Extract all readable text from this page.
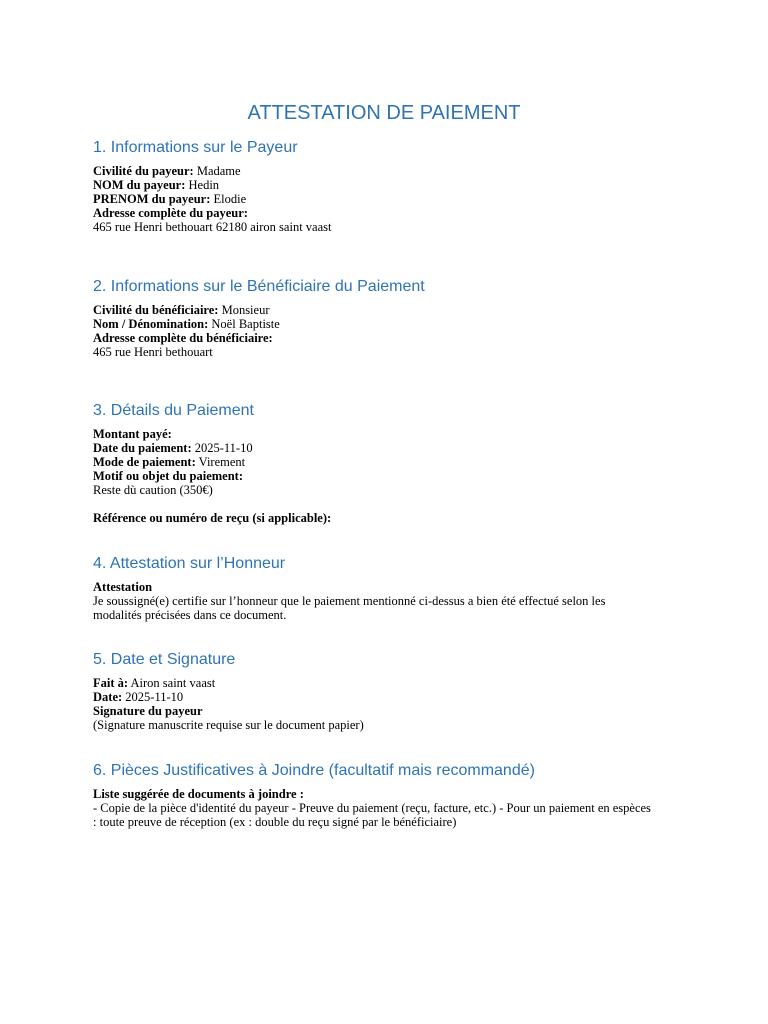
ATTESTATION DE PAIEMENT
1. Informations sur le Payeur

Civilité du payeur: Madame

NOM du payeur: Hedin

PRENOM du payeur: Elodie

Adresse complète du payeur:

465 rue Henri bethouart 62180 airon saint vaast

2. Informations sur le Bénéficiaire du Paiement

Civilité du bénéficiaire: Monsieur

Nom / Dénomination: Noël Baptiste

Adresse complète du bénéficiaire:

465 rue Henri bethouart

3. Détails du Paiement

Montant payé:

Date du paiement: 2025-11-10

Mode de paiement: Virement

Motif ou objet du paiement:

Reste dù caution (350€)

Référence ou numéro de reçu (si applicable):

4. Attestation sur l’Honneur

Attestation

Je soussigné(e) certifie sur l’honneur que le paiement mentionné ci-dessus a bien été effectué selon les modalités précisées dans ce document.

5. Date et Signature

Fait à: Airon saint vaast

Date: 2025-11-10

Signature du payeur

(Signature manuscrite requise sur le document papier)

6. Pièces Justificatives à Joindre (facultatif mais recommandé)

Liste suggérée de documents à joindre :

- Copie de la pièce d'identité du payeur - Preuve du paiement (reçu, facture, etc.) - Pour un paiement en espèces : toute preuve de réception (ex : double du reçu signé par le bénéficiaire)
